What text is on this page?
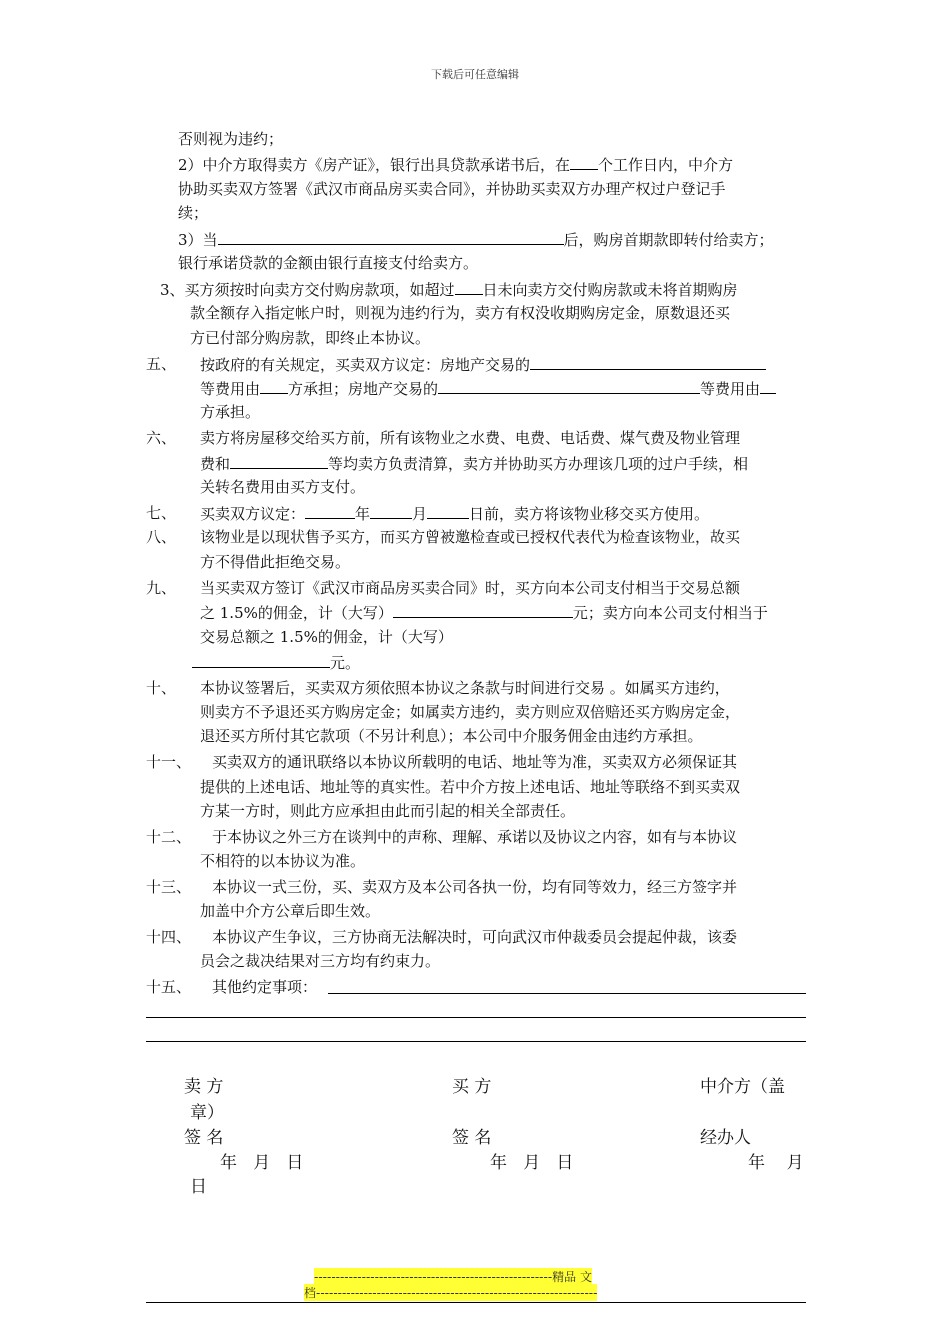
下载后可任意编辑
否则视为违约；
2）中介方取得卖方《房产证》，银行出具贷款承诺书后，在 个工作日内，中介方
协助买卖双方签署《武汉市商品房买卖合同》，并协助买卖双方办理产权过户登记手
续；
3）当	后，购房首期款即转付给卖方；
银行承诺贷款的金额由银行直接支付给卖方。
3、买方须按时向卖方交付购房款项，如超过 日未向卖方交付购房款或未将首期购房
款全额存入指定帐户时，则视为违约行为，卖方有权没收期购房定金，原数退还买
方已付部分购房款，即终止本协议。
五、 按政府的有关规定，买卖双方议定：房地产交易的
等费用由 方承担；房地产交易的	等费用由
方承担。
六、 卖方将房屋移交给买方前，所有该物业之水费、电费、电话费、煤气费及物业管理
费和	等均卖方负责清算，卖方并协助买方办理该几项的过户手续，相
关转名费用由买方支付。
七、 买卖双方议定：	年	月	日前，卖方将该物业移交买方使用。
八、 该物业是以现状售予买方，而买方曾被邀检查或已授权代表代为检查该物业，故买
方不得借此拒绝交易。
九、 当买卖双方签订《武汉市商品房买卖合同》时，买方向本公司支付相当于交易总额
之 1.5%的佣金，计（大写）	元；卖方向本公司支付相当于
交易总额之 1.5%的佣金，计（大写）
元。
十、 本协议签署后，买卖双方须依照本协议之条款与时间进行交易 。如属买方违约，
则卖方不予退还买方购房定金；如属卖方违约，卖方则应双倍赔还买方购房定金，
退还买方所付其它款项（不另计利息）；本公司中介服务佣金由违约方承担。
十一、 买卖双方的通讯联络以本协议所载明的电话、地址等为准，买卖双方必须保证其
提供的上述电话、地址等的真实性。若中介方按上述电话、地址等联络不到买卖双
方某一方时，则此方应承担由此而引起的相关全部责任。
十二、 于本协议之外三方在谈判中的声称、理解、承诺以及协议之内容，如有与本协议
不相符的以本协议为准。
十三、 本协议一式三份，买、卖双方及本公司各执一份，均有同等效力，经三方签字并
加盖中介方公章后即生效。
十四、 本协议产生争议，三方协商无法解决时，可向武汉市仲裁委员会提起仲裁，该委
员会之裁决结果对三方均有约束力。
十五、 其他约定事项：
卖 方	买 方	中介方（盖
章）
签 名	签 名	经办人
年   月   日	年   月   日	年    月
日
-------------------------------------------------------精品 文
档-----------------------------------------------------------------
